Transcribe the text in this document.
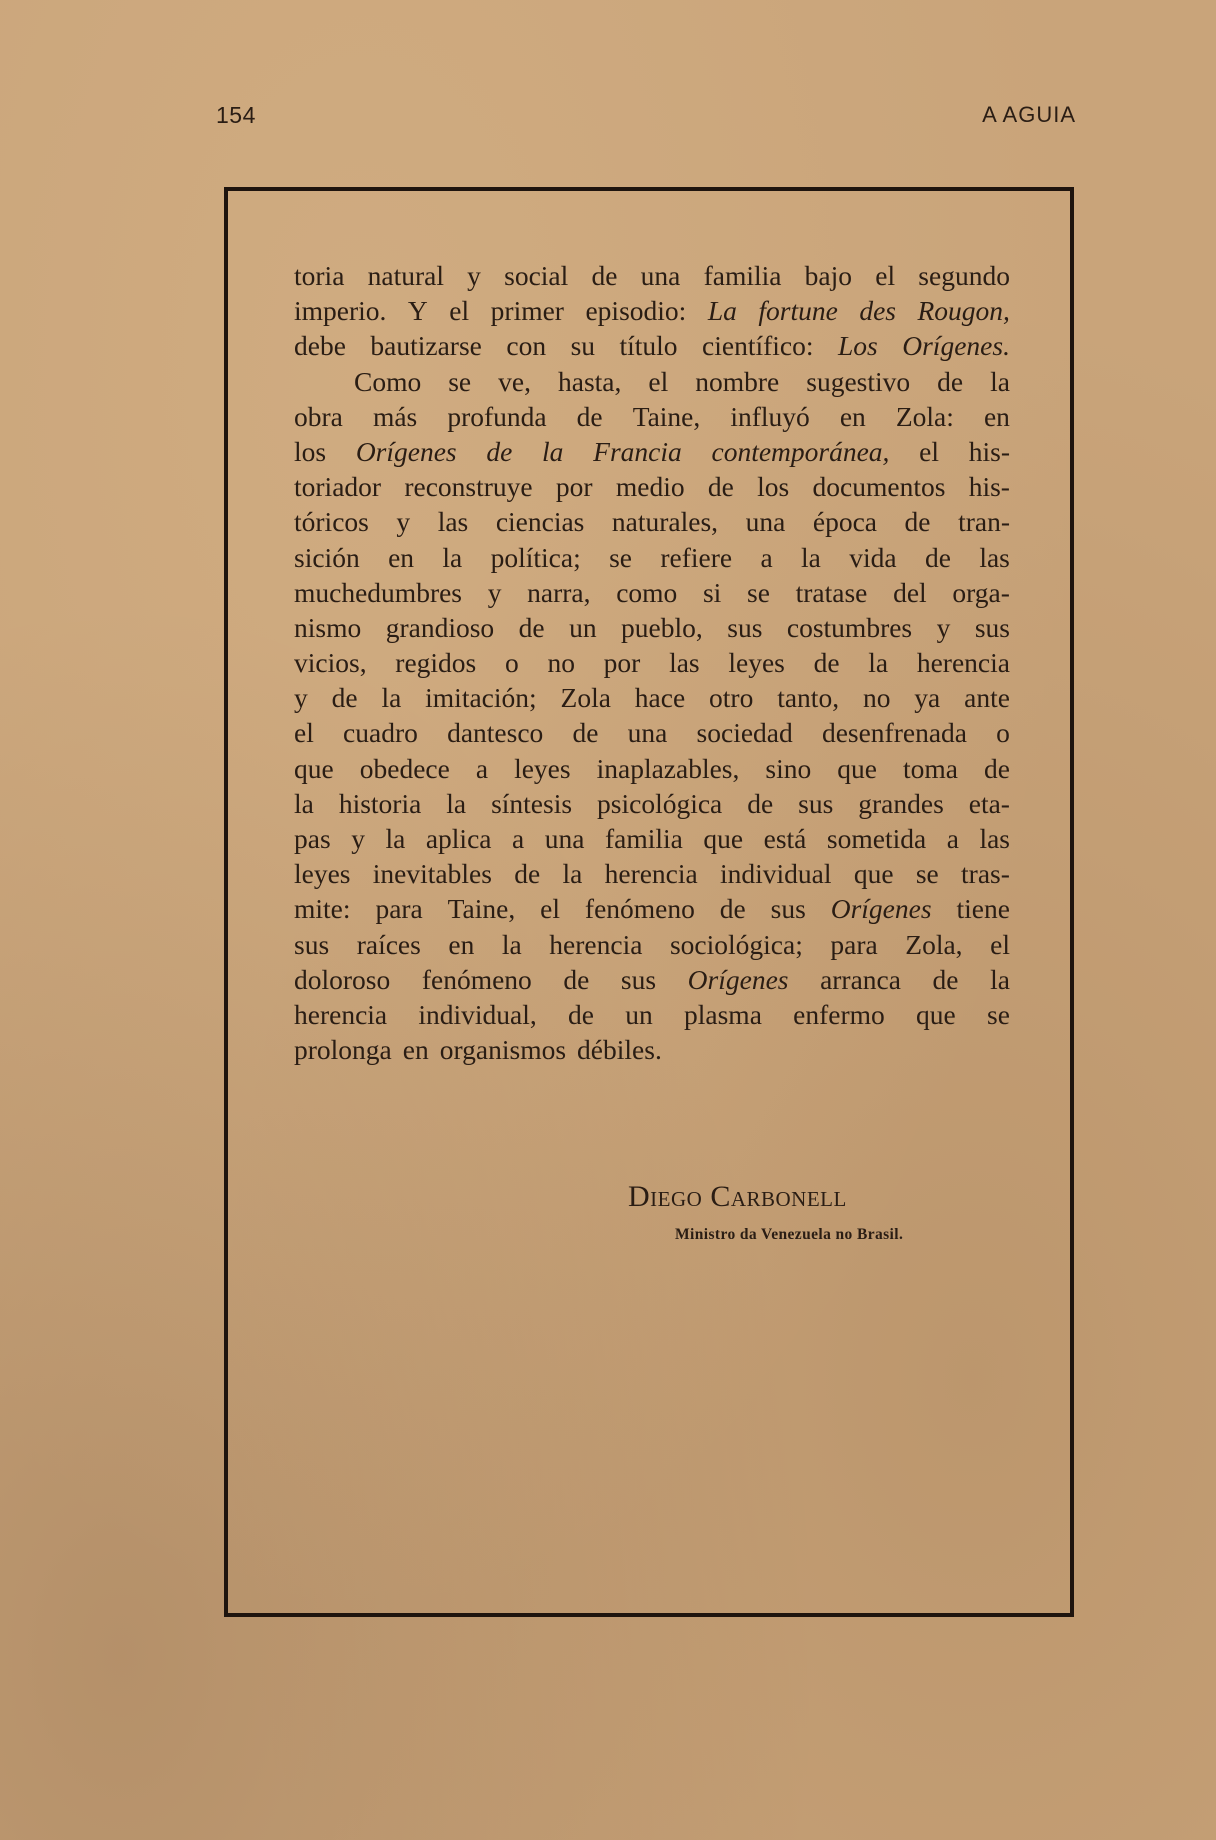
154	A AGUIA
toria natural y social de una familia bajo el segundo
imperio. Y el primer episodio: La fortune des Rougon,
debe bautizarse con su título científico: Los Orígenes.
Como se ve, hasta, el nombre sugestivo de la
obra más profunda de Taine, influyó en Zola: en
los Orígenes de la Francia contemporánea, el his-
toriador reconstruye por medio de los documentos his-
tóricos y las ciencias naturales, una época de tran-
sición en la política; se refiere a la vida de las
muchedumbres y narra, como si se tratase del orga-
nismo grandioso de un pueblo, sus costumbres y sus
vicios, regidos o no por las leyes de la herencia
y de la imitación; Zola hace otro tanto, no ya ante
el cuadro dantesco de una sociedad desenfrenada o
que obedece a leyes inaplazables, sino que toma de
la historia la síntesis psicológica de sus grandes eta-
pas y la aplica a una familia que está sometida a las
leyes inevitables de la herencia individual que se tras-
mite: para Taine, el fenómeno de sus Orígenes tiene
sus raíces en la herencia sociológica; para Zola, el
doloroso fenómeno de sus Orígenes arranca de la
herencia individual, de un plasma enfermo que se
prolonga en organismos débiles.
Diego Carbonell
Ministro da Venezuela no Brasil.
